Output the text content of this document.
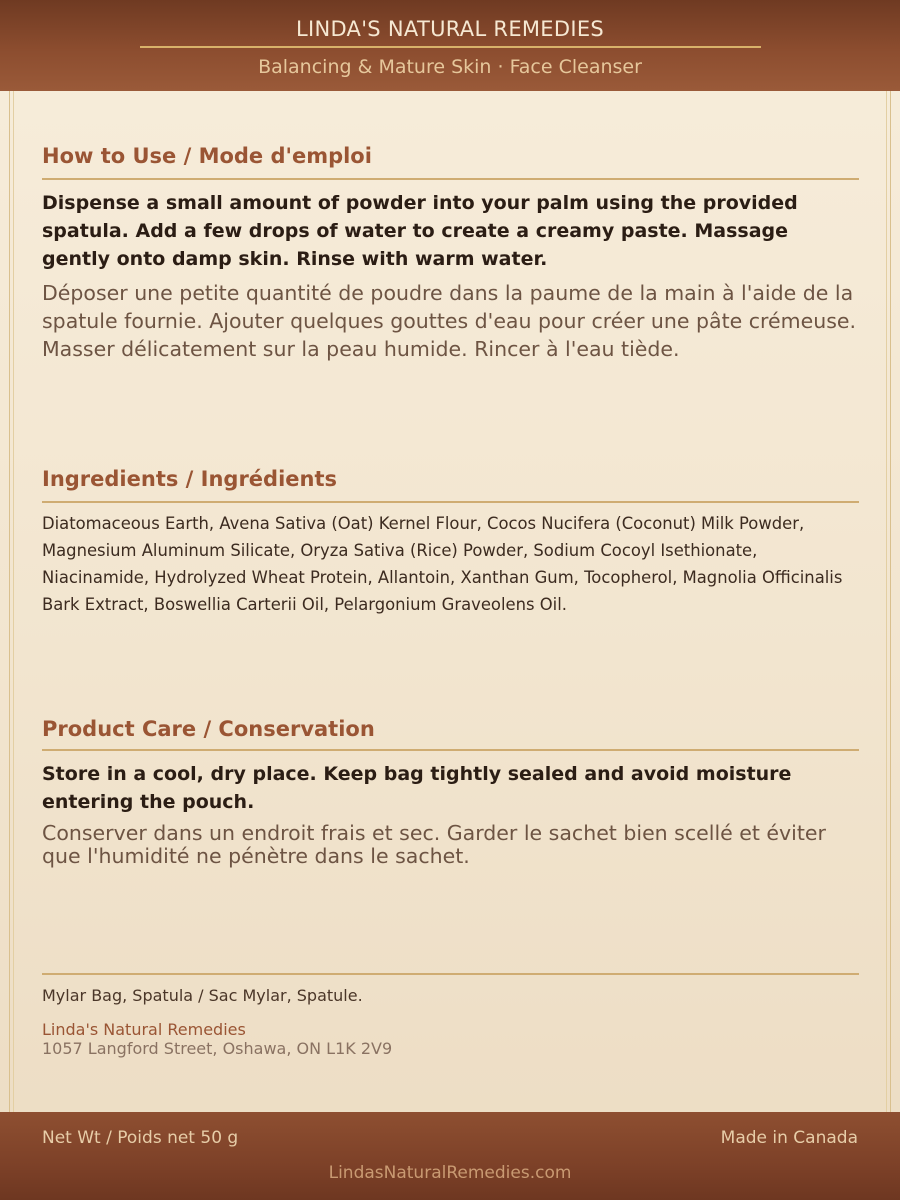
LINDA'S NATURAL REMEDIES
Balancing & Mature Skin · Face Cleanser
How to Use / Mode d'emploi
Dispense a small amount of powder into your palm using the provided spatula. Add a few drops of water to create a creamy paste. Massage gently onto damp skin. Rinse with warm water.
Déposer une petite quantité de poudre dans la paume de la main à l'aide de la spatule fournie. Ajouter quelques gouttes d'eau pour créer une pâte crémeuse. Masser délicatement sur la peau humide. Rincer à l'eau tiède.
Ingredients / Ingrédients
Diatomaceous Earth, Avena Sativa (Oat) Kernel Flour, Cocos Nucifera (Coconut) Milk Powder, Magnesium Aluminum Silicate, Oryza Sativa (Rice) Powder, Sodium Cocoyl Isethionate, Niacinamide, Hydrolyzed Wheat Protein, Allantoin, Xanthan Gum, Tocopherol, Magnolia Officinalis Bark Extract, Boswellia Carterii Oil, Pelargonium Graveolens Oil.
Product Care / Conservation
Store in a cool, dry place. Keep bag tightly sealed and avoid moisture entering the pouch.
Conserver dans un endroit frais et sec. Garder le sachet bien scellé et éviter que l'humidité ne pénètre dans le sachet.
Mylar Bag, Spatula / Sac Mylar, Spatule.
Linda's Natural Remedies
1057 Langford Street, Oshawa, ON L1K 2V9
Net Wt / Poids net 50 g	Made in Canada
LindasNaturalRemedies.com
